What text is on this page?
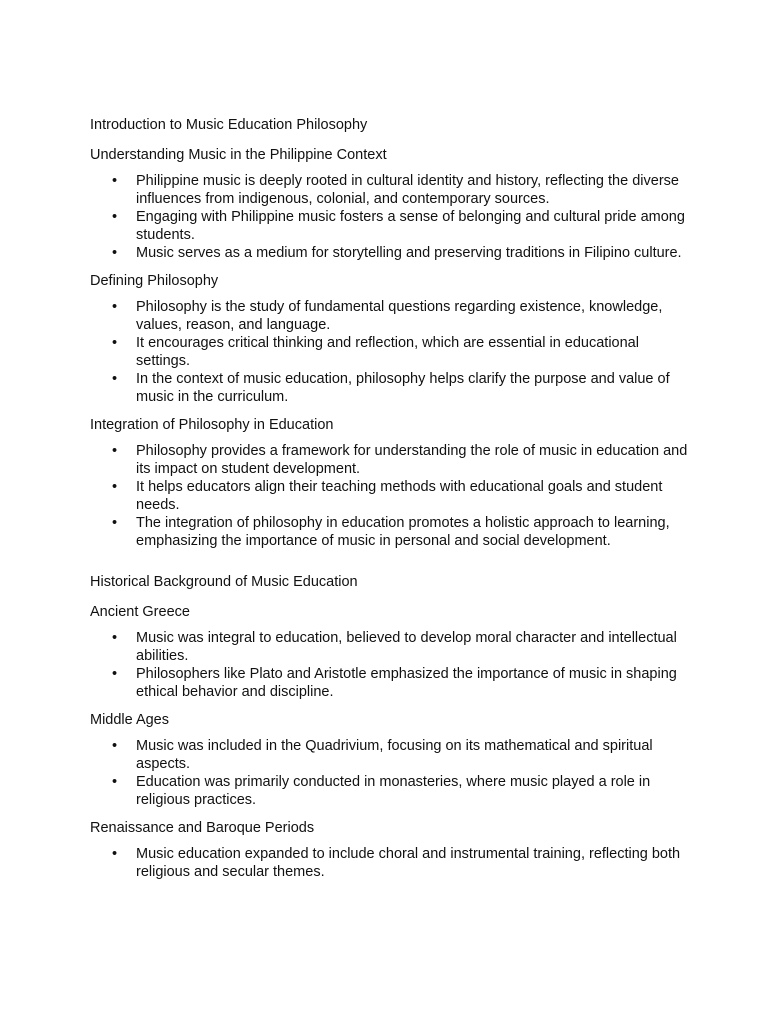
Introduction to Music Education Philosophy

Understanding Music in the Philippine Context

• Philippine music is deeply rooted in cultural identity and history, reflecting the diverse influences from indigenous, colonial, and contemporary sources.
• Engaging with Philippine music fosters a sense of belonging and cultural pride among students.
• Music serves as a medium for storytelling and preserving traditions in Filipino culture.

Defining Philosophy

• Philosophy is the study of fundamental questions regarding existence, knowledge, values, reason, and language.
• It encourages critical thinking and reflection, which are essential in educational settings.
• In the context of music education, philosophy helps clarify the purpose and value of music in the curriculum.

Integration of Philosophy in Education

• Philosophy provides a framework for understanding the role of music in education and its impact on student development.
• It helps educators align their teaching methods with educational goals and student needs.
• The integration of philosophy in education promotes a holistic approach to learning, emphasizing the importance of music in personal and social development.

Historical Background of Music Education

Ancient Greece

• Music was integral to education, believed to develop moral character and intellectual abilities.
• Philosophers like Plato and Aristotle emphasized the importance of music in shaping ethical behavior and discipline.

Middle Ages

• Music was included in the Quadrivium, focusing on its mathematical and spiritual aspects.
• Education was primarily conducted in monasteries, where music played a role in religious practices.

Renaissance and Baroque Periods

• Music education expanded to include choral and instrumental training, reflecting both religious and secular themes.
